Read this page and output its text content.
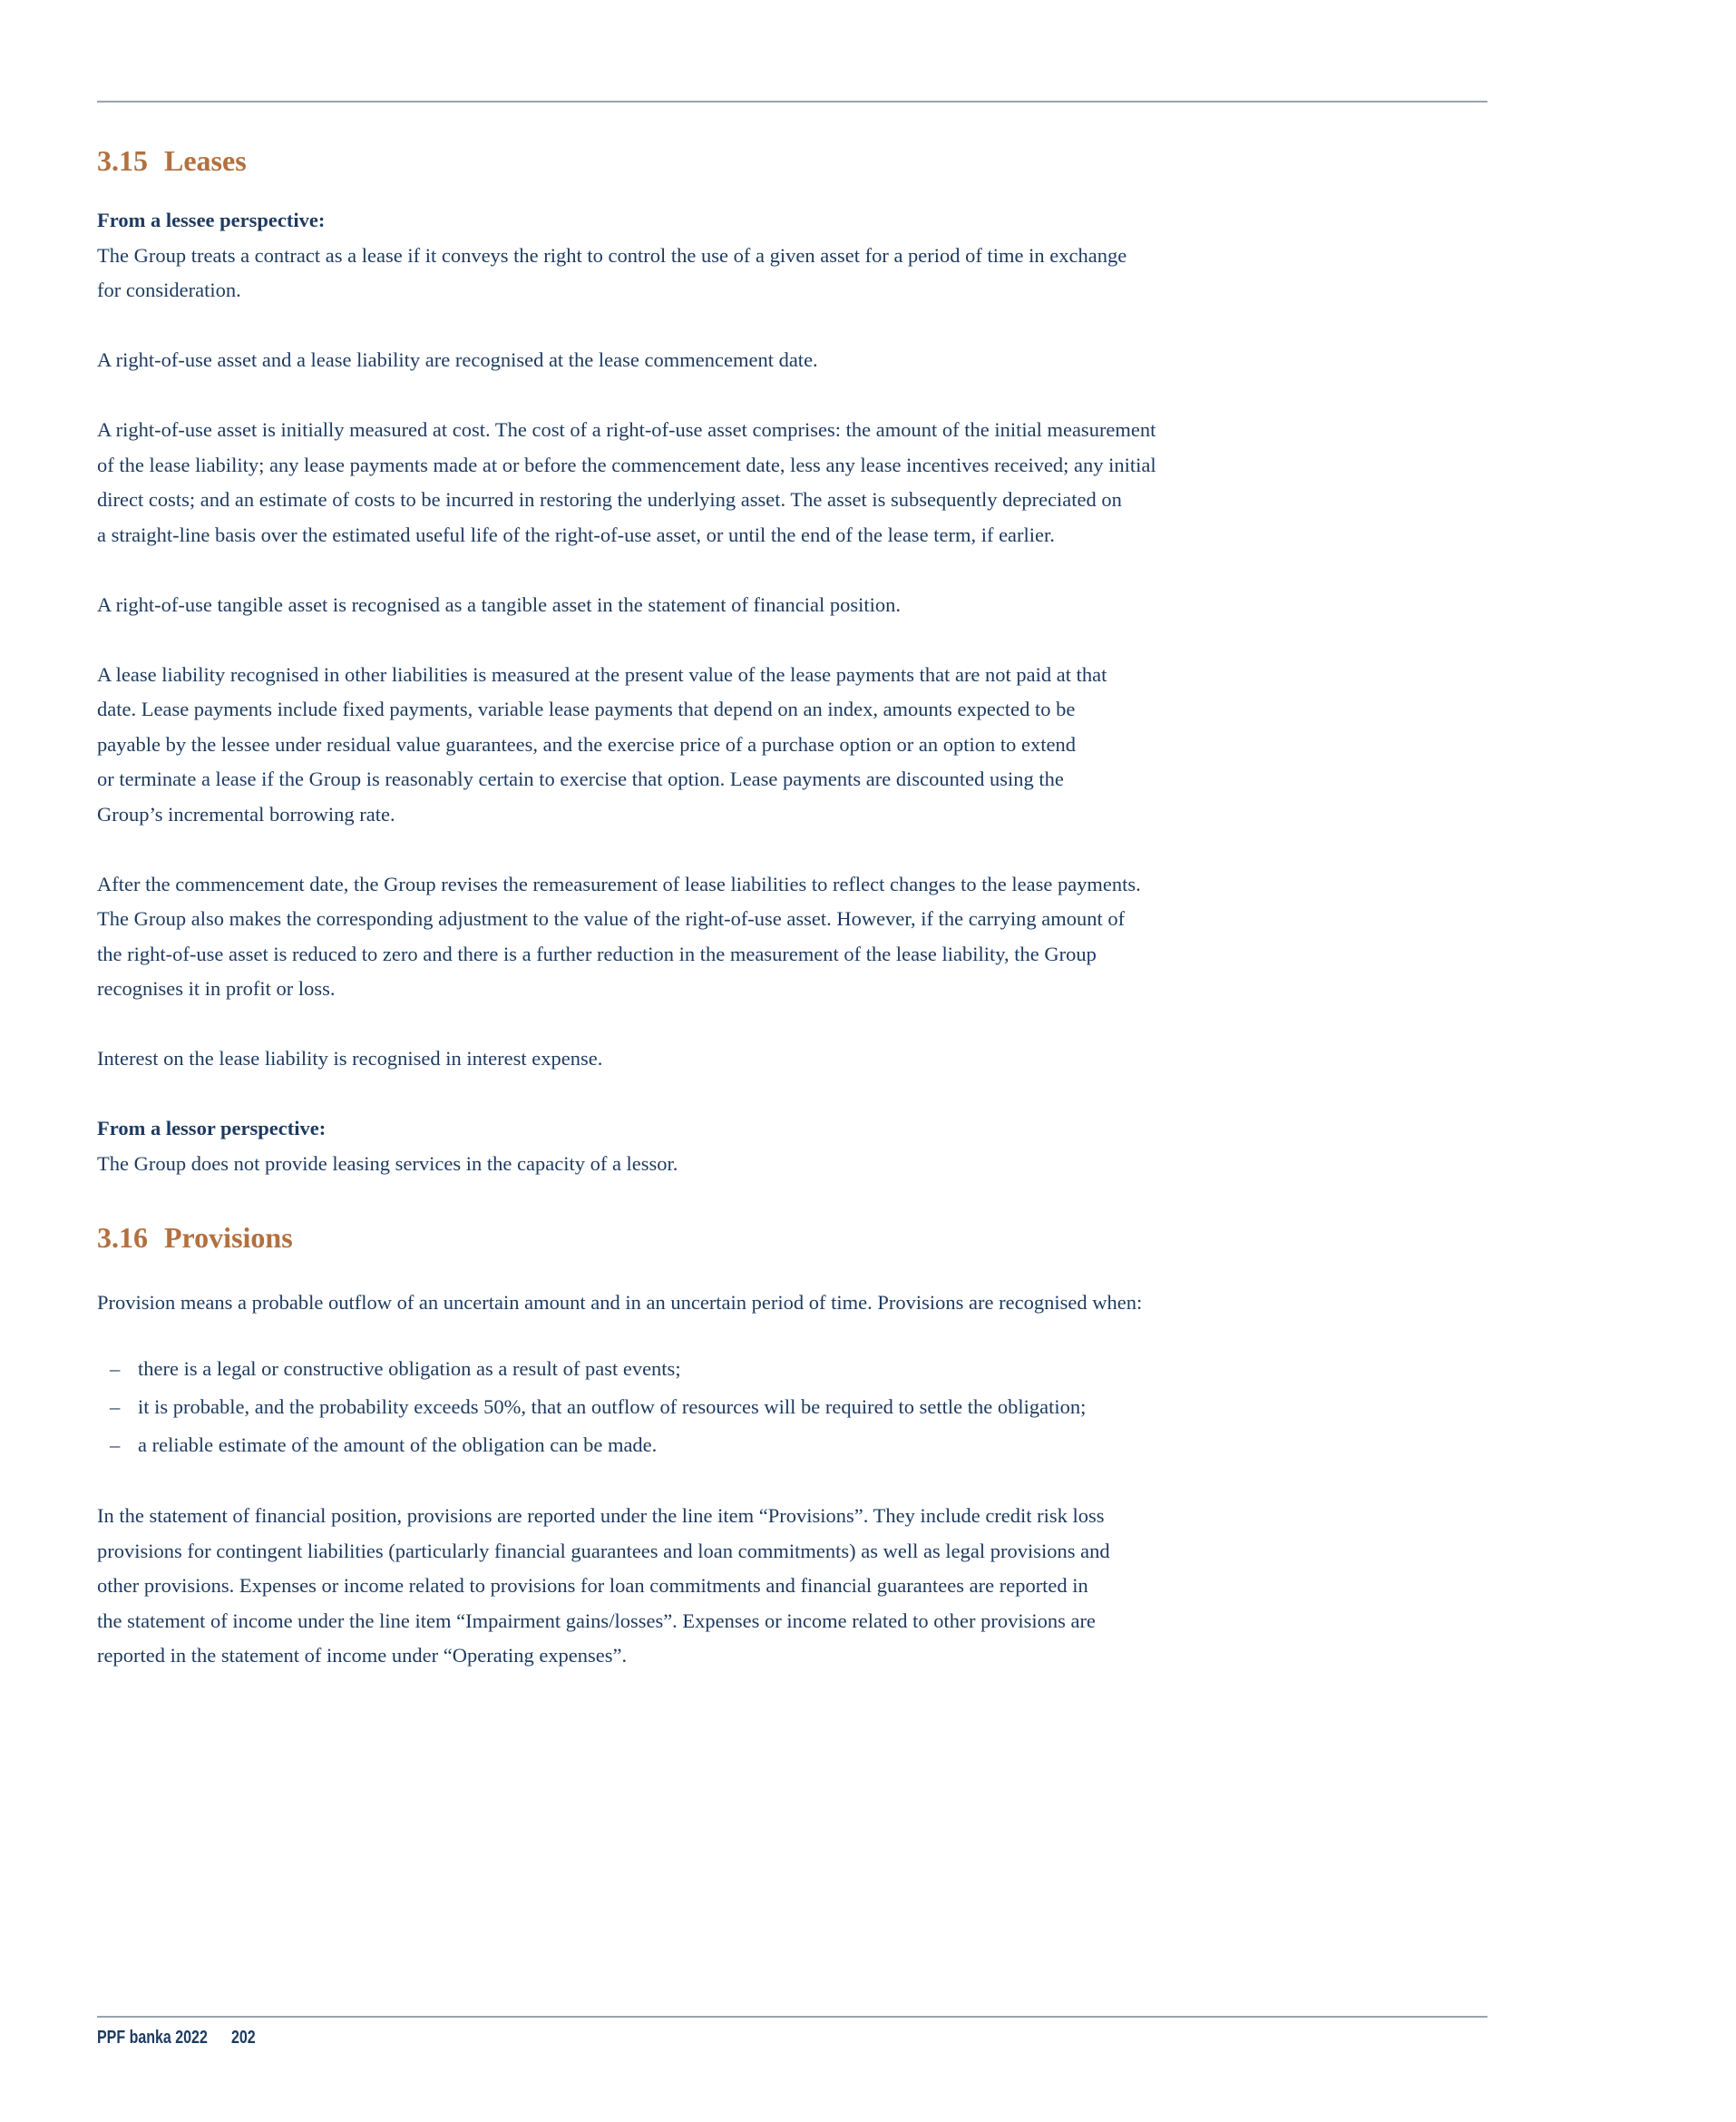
3.15 Leases
From a lessee perspective:
The Group treats a contract as a lease if it conveys the right to control the use of a given asset for a period of time in exchange
for consideration.
A right-of-use asset and a lease liability are recognised at the lease commencement date.
A right-of-use asset is initially measured at cost. The cost of a right-of-use asset comprises: the amount of the initial measurement
of the lease liability; any lease payments made at or before the commencement date, less any lease incentives received; any initial
direct costs; and an estimate of costs to be incurred in restoring the underlying asset. The asset is subsequently depreciated on
a straight-line basis over the estimated useful life of the right-of-use asset, or until the end of the lease term, if earlier.
A right-of-use tangible asset is recognised as a tangible asset in the statement of financial position.
A lease liability recognised in other liabilities is measured at the present value of the lease payments that are not paid at that
date. Lease payments include fixed payments, variable lease payments that depend on an index, amounts expected to be
payable by the lessee under residual value guarantees, and the exercise price of a purchase option or an option to extend
or terminate a lease if the Group is reasonably certain to exercise that option. Lease payments are discounted using the
Group’s incremental borrowing rate.
After the commencement date, the Group revises the remeasurement of lease liabilities to reflect changes to the lease payments.
The Group also makes the corresponding adjustment to the value of the right-of-use asset. However, if the carrying amount of
the right-of-use asset is reduced to zero and there is a further reduction in the measurement of the lease liability, the Group
recognises it in profit or loss.
Interest on the lease liability is recognised in interest expense.
From a lessor perspective:
The Group does not provide leasing services in the capacity of a lessor.
3.16 Provisions
Provision means a probable outflow of an uncertain amount and in an uncertain period of time. Provisions are recognised when:
– there is a legal or constructive obligation as a result of past events;
– it is probable, and the probability exceeds 50%, that an outflow of resources will be required to settle the obligation;
– a reliable estimate of the amount of the obligation can be made.
In the statement of financial position, provisions are reported under the line item “Provisions”. They include credit risk loss
provisions for contingent liabilities (particularly financial guarantees and loan commitments) as well as legal provisions and
other provisions. Expenses or income related to provisions for loan commitments and financial guarantees are reported in
the statement of income under the line item “Impairment gains/losses”. Expenses or income related to other provisions are
reported in the statement of income under “Operating expenses”.
PPF banka 2022 202
